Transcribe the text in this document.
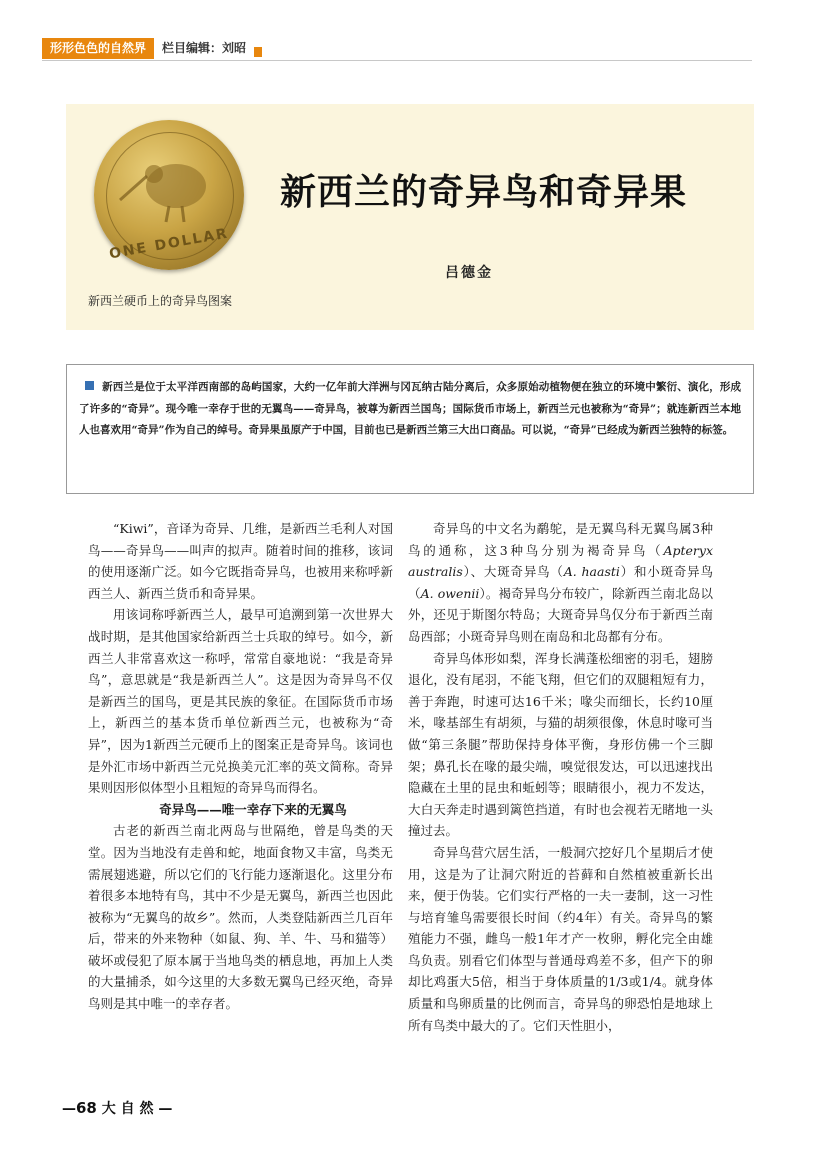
形形色色的自然界	栏目编辑：刘昭
ONE DOLLAR
新西兰硬币上的奇异鸟图案
新西兰的奇异鸟和奇异果
吕德金
新西兰是位于太平洋西南部的岛屿国家，大约一亿年前大洋洲与冈瓦纳古陆分离后，众多原始动植物便在独立的环境中繁衍、演化，形成了许多的“奇异”。现今唯一幸存于世的无翼鸟——奇异鸟，被尊为新西兰国鸟；国际货币市场上，新西兰元也被称为“奇异”；就连新西兰本地人也喜欢用“奇异”作为自己的绰号。奇异果虽原产于中国，目前也已是新西兰第三大出口商品。可以说，“奇异”已经成为新西兰独特的标签。

“Kiwi”，音译为奇异、几维，是新西兰毛利人对国鸟——奇异鸟——叫声的拟声。随着时间的推移，该词的使用逐渐广泛。如今它既指奇异鸟，也被用来称呼新西兰人、新西兰货币和奇异果。

用该词称呼新西兰人，最早可追溯到第一次世界大战时期，是其他国家给新西兰士兵取的绰号。如今，新西兰人非常喜欢这一称呼，常常自豪地说：“我是奇异鸟”，意思就是“我是新西兰人”。这是因为奇异鸟不仅是新西兰的国鸟，更是其民族的象征。在国际货币市场上，新西兰的基本货币单位新西兰元，也被称为“奇异”，因为1新西兰元硬币上的图案正是奇异鸟。该词也是外汇市场中新西兰元兑换美元汇率的英文简称。奇异果则因形似体型小且粗短的奇异鸟而得名。

奇异鸟——唯一幸存下来的无翼鸟

古老的新西兰南北两岛与世隔绝，曾是鸟类的天堂。因为当地没有走兽和蛇，地面食物又丰富，鸟类无需展翅逃避，所以它们的飞行能力逐渐退化。这里分布着很多本地特有鸟，其中不少是无翼鸟，新西兰也因此被称为“无翼鸟的故乡”。然而，人类登陆新西兰几百年后，带来的外来物种（如鼠、狗、羊、牛、马和猫等）破坏或侵犯了原本属于当地鸟类的栖息地，再加上人类的大量捕杀，如今这里的大多数无翼鸟已经灭绝，奇异鸟则是其中唯一的幸存者。

奇异鸟的中文名为鹬鸵，是无翼鸟科无翼鸟属3种鸟的通称，这3种鸟分别为褐奇异鸟（Apteryx australis）、大斑奇异鸟（A. haasti）和小斑奇异鸟（A. owenii）。褐奇异鸟分布较广，除新西兰南北岛以外，还见于斯图尔特岛；大斑奇异鸟仅分布于新西兰南岛西部；小斑奇异鸟则在南岛和北岛都有分布。

奇异鸟体形如梨，浑身长满蓬松细密的羽毛，翅膀退化，没有尾羽，不能飞翔，但它们的双腿粗短有力，善于奔跑，时速可达16千米；喙尖而细长，长约10厘米，喙基部生有胡须，与猫的胡须很像，休息时喙可当做“第三条腿”帮助保持身体平衡，身形仿佛一个三脚架；鼻孔长在喙的最尖端，嗅觉很发达，可以迅速找出隐藏在土里的昆虫和蚯蚓等；眼睛很小，视力不发达，大白天奔走时遇到篱笆挡道，有时也会视若无睹地一头撞过去。

奇异鸟营穴居生活，一般洞穴挖好几个星期后才使用，这是为了让洞穴附近的苔藓和自然植被重新长出来，便于伪装。它们实行严格的一夫一妻制，这一习性与培育雏鸟需要很长时间（约4年）有关。奇异鸟的繁殖能力不强，雌鸟一般1年才产一枚卵，孵化完全由雄鸟负责。别看它们体型与普通母鸡差不多，但产下的卵却比鸡蛋大5倍，相当于身体质量的1/3或1/4。就身体质量和鸟卵质量的比例而言，奇异鸟的卵恐怕是地球上所有鸟类中最大的了。它们天性胆小，

—68 大 自 然 —
